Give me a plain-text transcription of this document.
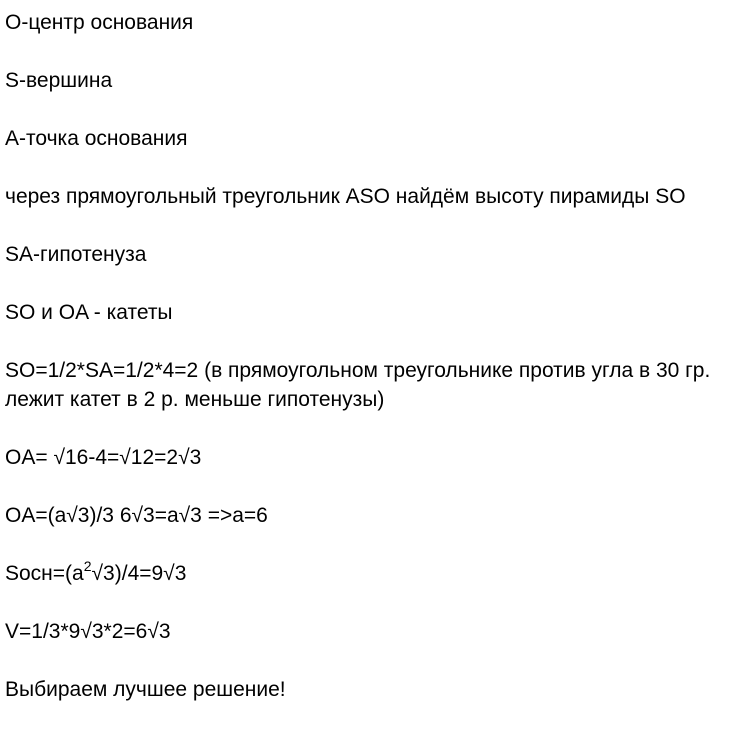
O-центр основания

S-вершина

A-точка основания

через прямоугольный треугольник ASO найдём высоту пирамиды SO

SA-гипотенуза

SO и OA - катеты

SO=1/2*SA=1/2*4=2 (в прямоугольном треугольнике против угла в 30 гр. лежит катет в 2 р. меньше гипотенузы)

OA= √16-4=√12=2√3

OA=(a√3)/3 6√3=a√3 =>a=6

$Sосн=(a^2√3)/4=9√3$

V=1/3*9√3*2=6√3

Выбираем лучшее решение!
